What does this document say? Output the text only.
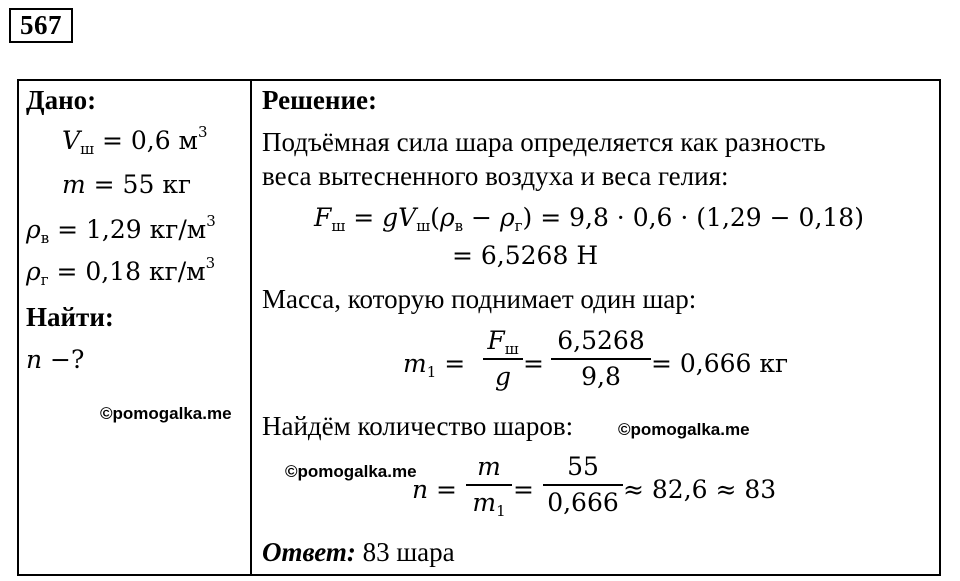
567
Дано:
$V_ш = 0,6$ $м^3$
m = 55 кг
$\rho_в = 1,29$ $кг/м^3$
$\rho_г = 0,18$ $кг/м^3$
Найти:
n −?
©pomogalka.me
Решение:
Подъёмная сила шара определяется как разность
веса вытесненного воздуха и веса гелия:
$F_ш = gV_ш(\rho_в - \rho_г) = 9,8 \cdot 0,6 \cdot (1,29 - 0,18)$
= 6,5268 Н
Масса, которую поднимает один шар:
$m_1$ =
$F_ш$
g =
6,5268
9,8	= 0,666 кг
Найдём количество шаров:	©pomogalka.me
©pomogalka.me
n =
m
$m_1$
=
55
0,666 ≈ 82,6 ≈ 83
Ответ: 83 шара
